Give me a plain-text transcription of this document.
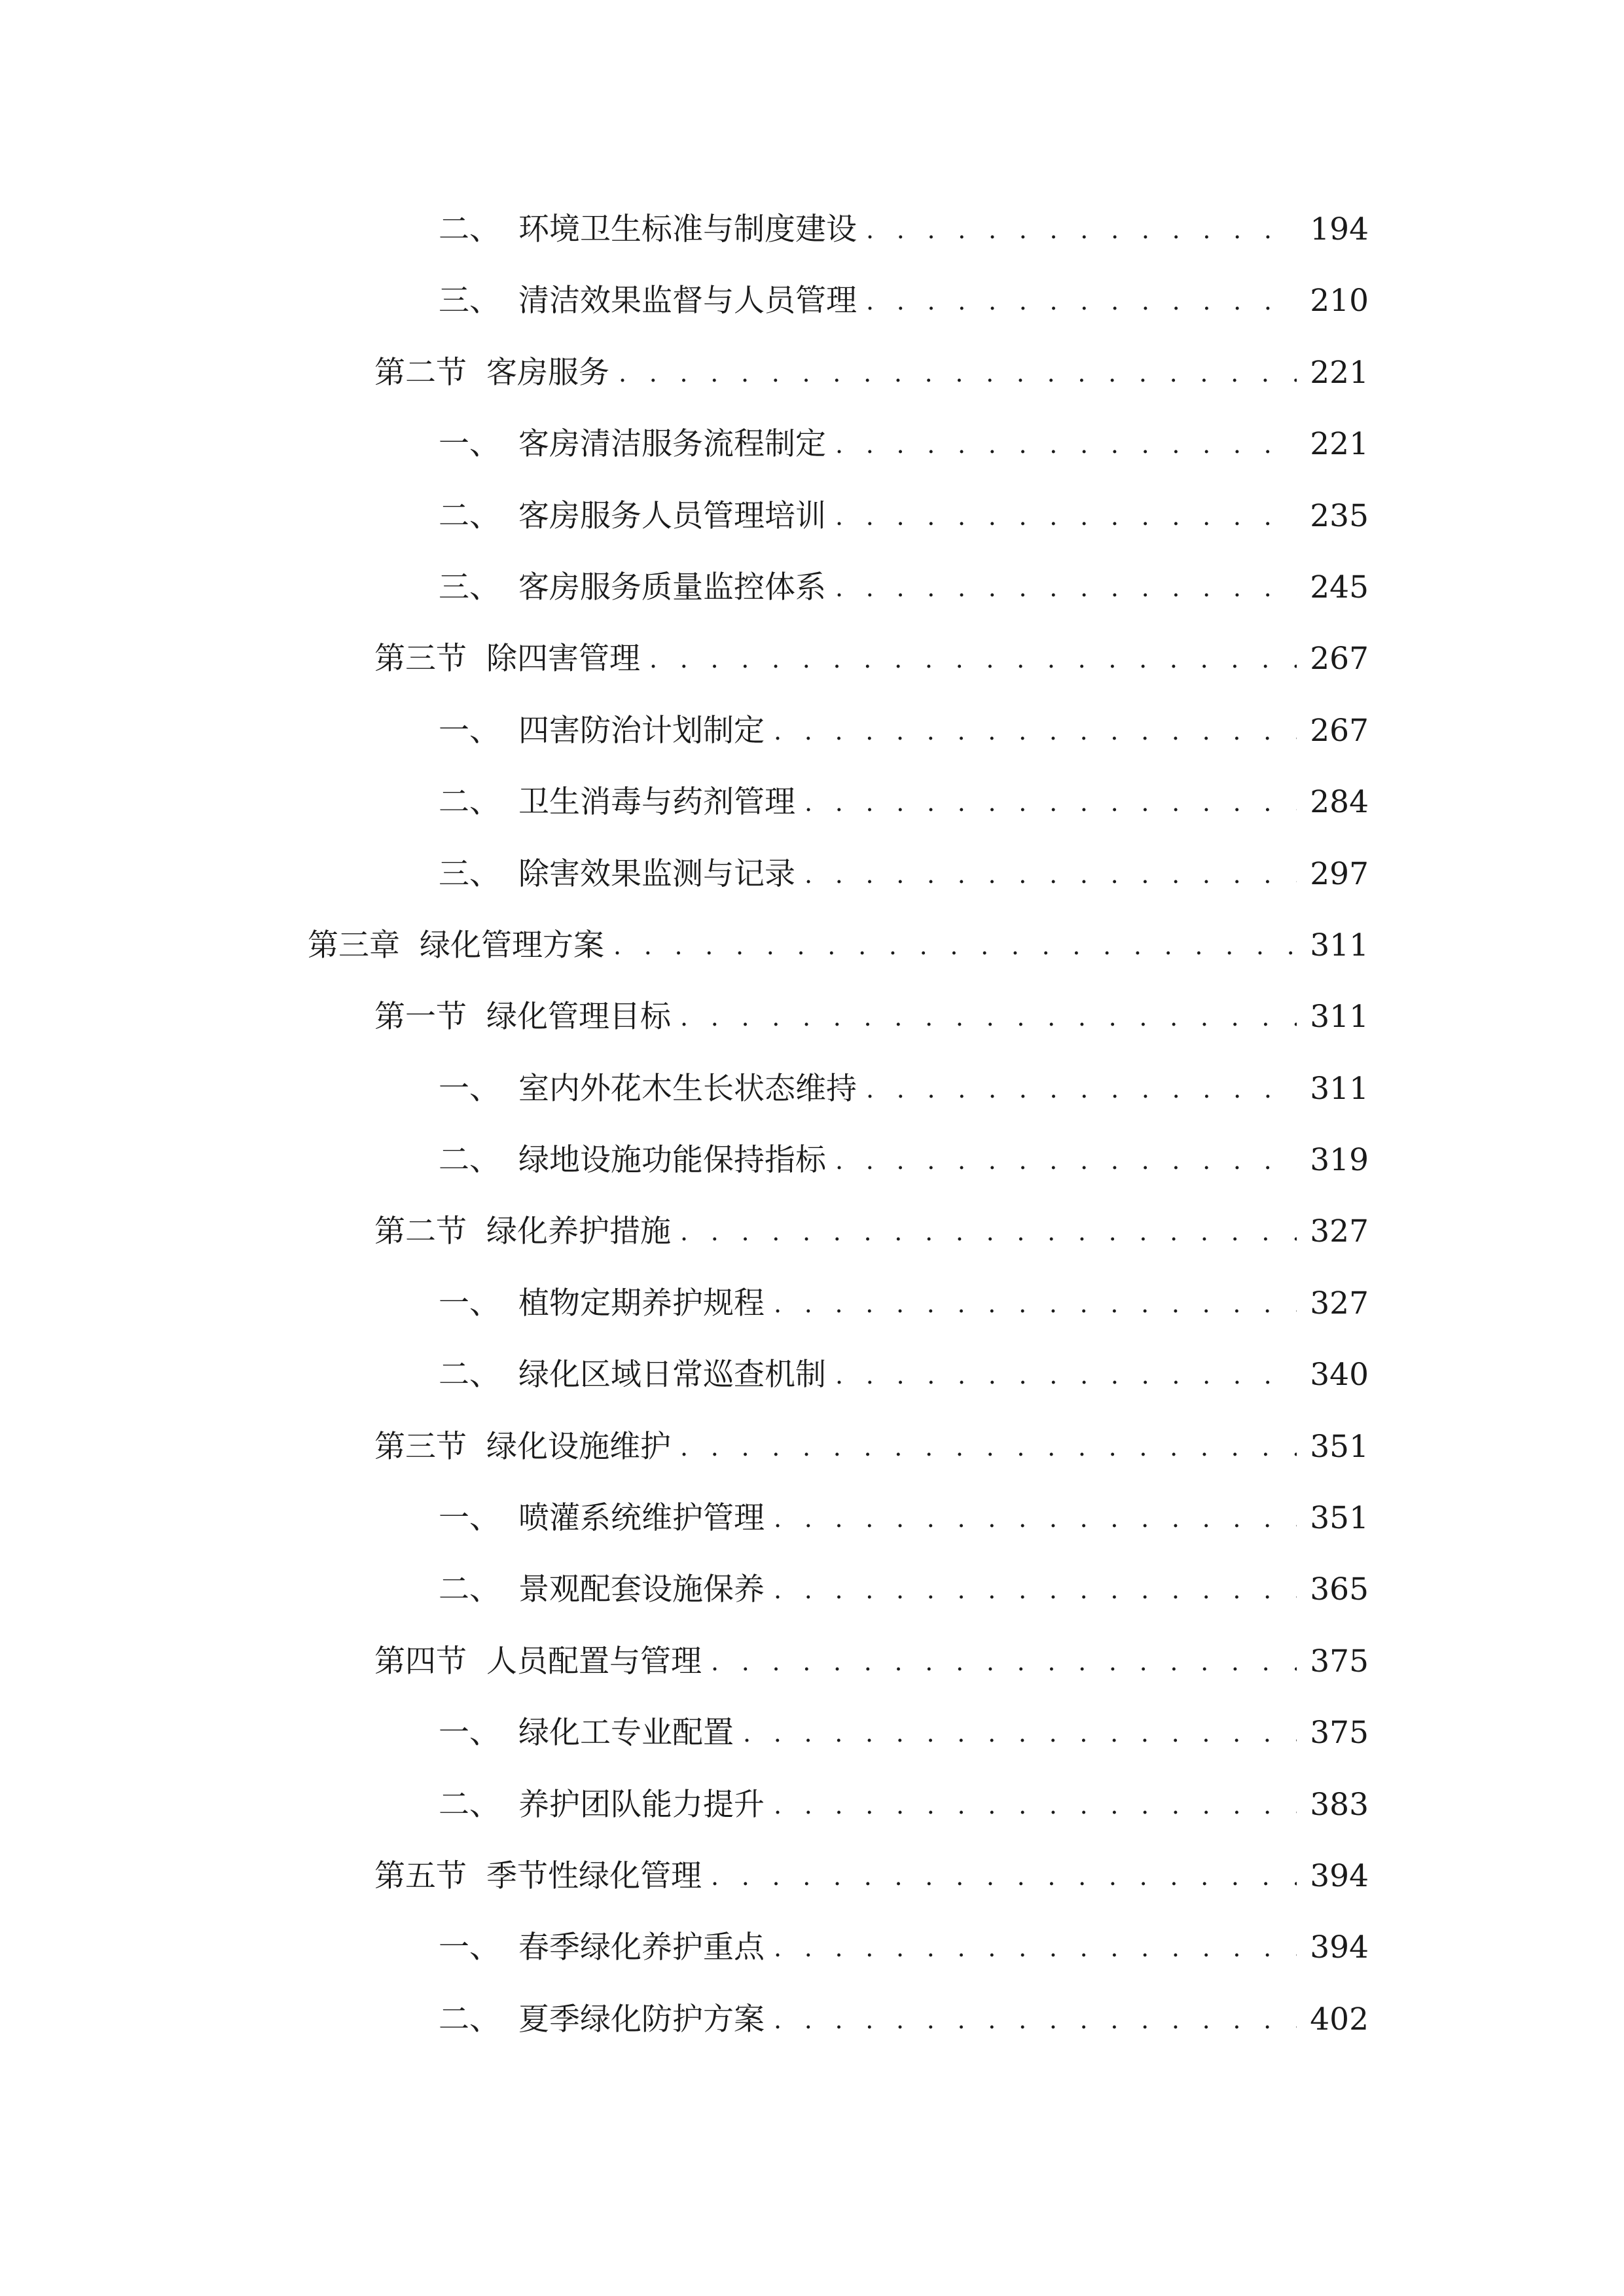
二、 环境卫生标准与制度建设 . . .	194
三、 清洁效果监督与人员管理 . . .	210
第二节 客房服务 . . .	221
一、 客房清洁服务流程制定 . . .	221
二、 客房服务人员管理培训 . . .	235
三、 客房服务质量监控体系 . . .	245
第三节 除四害管理 . . .	267
一、 四害防治计划制定 . . .	267
二、 卫生消毒与药剂管理 . . .	284
三、 除害效果监测与记录 . . .	297
第三章 绿化管理方案 . . .	311
第一节 绿化管理目标 . . .	311
一、 室内外花木生长状态维持 . . .	311
二、 绿地设施功能保持指标 . . .	319
第二节 绿化养护措施 . . .	327
一、 植物定期养护规程 . . .	327
二、 绿化区域日常巡查机制 . . .	340
第三节 绿化设施维护 . . .	351
一、 喷灌系统维护管理 . . .	351
二、 景观配套设施保养 . . .	365
第四节 人员配置与管理 . . .	375
一、 绿化工专业配置 . . .	375
二、 养护团队能力提升 . . .	383
第五节 季节性绿化管理 . . .	394
一、 春季绿化养护重点 . . .	394
二、 夏季绿化防护方案 . . .	402
